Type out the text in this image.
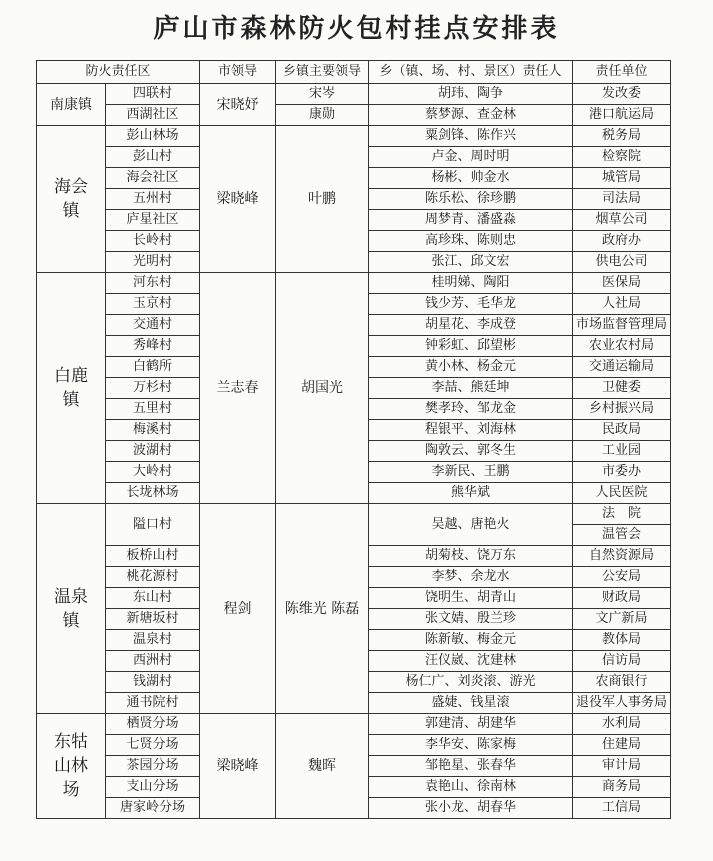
庐山市森林防火包村挂点安排表
防火责任区		市领导	乡镇主要领导	乡（镇、场、村、景区）责任人	责任单位
南康镇	四联村	宋晓妤	宋岑	胡玮、陶争	发改委
	西湖社区		康勋	蔡梦源、查金林	港口航运局
海会镇	彭山林场	梁晓峰	叶鹏	粟剑锋、陈作兴	税务局
	彭山村			卢金、周时明	检察院
	海会社区			杨彬、帅金水	城管局
	五州村			陈乐松、徐珍鹏	司法局
	庐星社区			周梦青、潘盛淼	烟草公司
	长岭村			高珍珠、陈则忠	政府办
	光明村			张江、邱文宏	供电公司
白鹿镇	河东村	兰志春	胡国光	桂明娣、陶阳	医保局
	玉京村			钱少芳、毛华龙	人社局
	交通村			胡星花、李成登	市场监督管理局
	秀峰村			钟彩虹、邱望彬	农业农村局
	白鹤所			黄小林、杨金元	交通运输局
	万杉村			李喆、熊廷坤	卫健委
	五里村			樊孝玲、邹龙金	乡村振兴局
	梅溪村			程银平、刘海林	民政局
	波湖村			陶敦云、郭冬生	工业园
	大岭村			李新民、王鹏	市委办
	长垅林场			熊华斌	人民医院
温泉镇	隘口村	程剑	陈维光 陈磊	吴越、唐艳火	法　院
					温管会
	板桥山村			胡菊枝、饶万东	自然资源局
	桃花源村			李梦、余龙水	公安局
	东山村			饶明生、胡青山	财政局
	新塘坂村			张文婧、殷兰珍	文广新局
	温泉村			陈新敏、梅金元	教体局
	西洲村			汪仪崴、沈建林	信访局
	钱湖村			杨仁广、刘炎滚、游光	农商银行
	通书院村			盛婕、钱星滚	退役军人事务局
东牯山林场	栖贤分场	梁晓峰	魏晖	郭建清、胡建华	水利局
	七贤分场			李华安、陈家梅	住建局
	茶园分场			邹艳星、张春华	审计局
	支山分场			袁艳山、徐南林	商务局
	唐家岭分场			张小龙、胡春华	工信局
